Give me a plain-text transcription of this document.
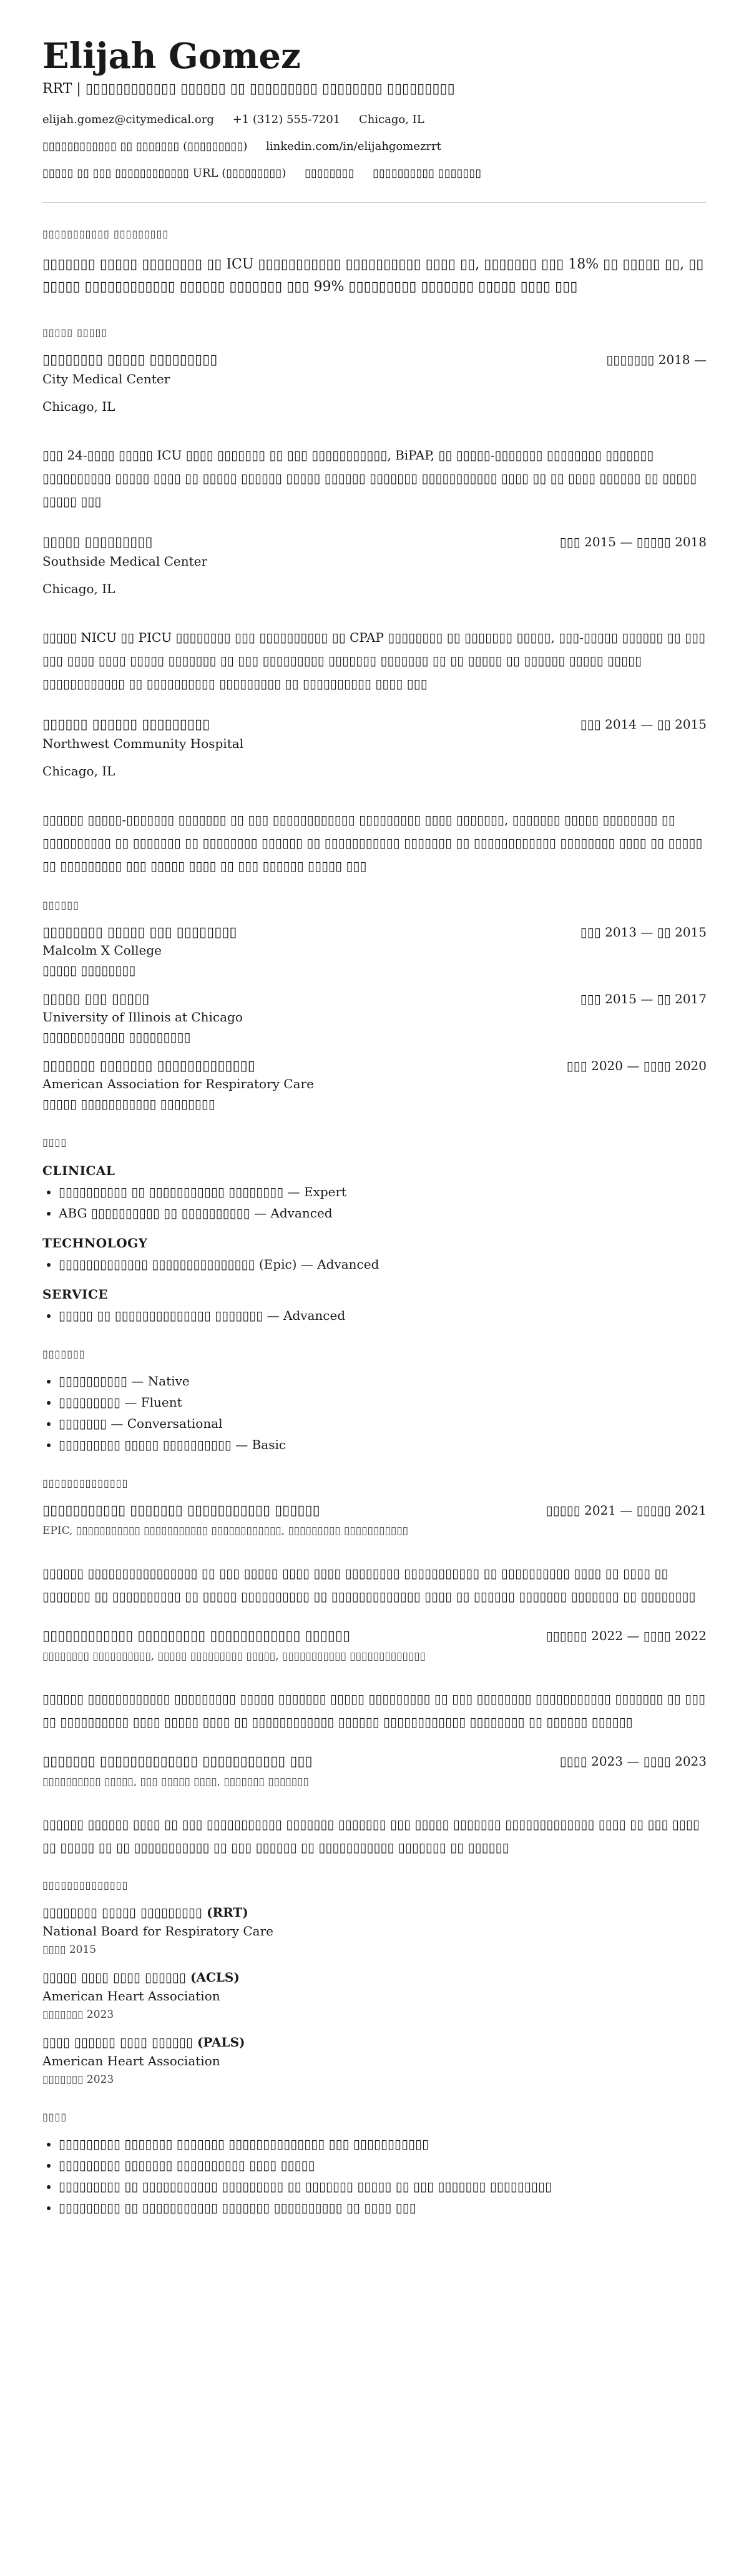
Elijah Gomez
RRT | ▯▯▯▯▯▯▯▯▯▯▯▯ ▯▯▯▯▯▯ ▯▯ ▯▯▯▯▯▯▯▯▯ ▯▯▯▯▯▯▯▯ ▯▯▯▯▯▯▯▯▯
elijah.gomez@citymedical.org +1 (312) 555-7201 Chicago, IL
▯▯▯▯▯▯▯▯▯▯▯▯ ▯▯ ▯▯▯▯▯▯▯ (▯▯▯▯▯▯▯▯▯) linkedin.com/in/elijahgomezrrt
▯▯▯▯▯ ▯▯ ▯▯▯ ▯▯▯▯▯▯▯▯▯▯▯▯ URL (▯▯▯▯▯▯▯▯▯) ▯▯▯▯▯▯▯▯ ▯▯▯▯▯▯▯▯▯▯ ▯▯▯▯▯▯▯
▯▯▯▯▯▯▯▯▯▯▯ ▯▯▯▯▯▯▯▯▯
▯▯▯▯▯▯▯ ▯▯▯▯▯ ▯▯▯▯▯▯▯▯ ▯▯ ICU ▯▯▯▯▯▯▯▯▯▯▯ ▯▯▯▯▯▯▯▯▯▯ ▯▯▯▯ ▯▯, ▯▯▯▯▯▯▯ ▯▯▯ 18% ▯▯ ▯▯▯▯▯ ▯▯, ▯▯ ▯▯▯▯▯ ▯▯▯▯▯▯▯▯▯▯▯▯ ▯▯▯▯▯▯ ▯▯▯▯▯▯▯ ▯▯▯ 99% ▯▯▯▯▯▯▯▯▯ ▯▯▯▯▯▯▯ ▯▯▯▯▯ ▯▯▯▯ ▯▯▯
▯▯▯▯▯ ▯▯▯▯▯
▯▯▯▯▯▯▯▯ ▯▯▯▯▯ ▯▯▯▯▯▯▯▯▯	▯▯▯▯▯▯▯ 2018 —
City Medical Center
Chicago, IL
▯▯▯ 24-▯▯▯▯ ▯▯▯▯▯ ICU ▯▯▯▯ ▯▯▯▯▯▯▯ ▯▯ ▯▯▯ ▯▯▯▯▯▯▯▯▯▯▯, BiPAP, ▯▯ ▯▯▯▯▯-▯▯▯▯▯▯▯ ▯▯▯▯▯▯▯▯ ▯▯▯▯▯▯▯ ▯▯▯▯▯▯▯▯▯▯ ▯▯▯▯▯ ▯▯▯▯ ▯▯ ▯▯▯▯▯ ▯▯▯▯▯▯ ▯▯▯▯▯ ▯▯▯▯▯▯ ▯▯▯▯▯▯▯ ▯▯▯▯▯▯▯▯▯▯▯ ▯▯▯▯ ▯▯ ▯▯ ▯▯▯▯ ▯▯▯▯▯▯ ▯▯ ▯▯▯▯▯ ▯▯▯▯▯ ▯▯▯
▯▯▯▯▯ ▯▯▯▯▯▯▯▯▯	▯▯▯ 2015 — ▯▯▯▯▯ 2018
Southside Medical Center
Chicago, IL
▯▯▯▯▯ NICU ▯▯ PICU ▯▯▯▯▯▯▯▯ ▯▯▯ ▯▯▯▯▯▯▯▯▯▯ ▯▯ CPAP ▯▯▯▯▯▯▯▯ ▯▯ ▯▯▯▯▯▯▯ ▯▯▯▯▯, ▯▯▯-▯▯▯▯▯ ▯▯▯▯▯▯ ▯▯ ▯▯▯ ▯▯▯ ▯▯▯▯ ▯▯▯▯ ▯▯▯▯▯ ▯▯▯▯▯▯▯ ▯▯ ▯▯▯ ▯▯▯▯▯▯▯▯▯ ▯▯▯▯▯▯▯ ▯▯▯▯▯▯▯ ▯▯ ▯▯ ▯▯▯▯▯ ▯▯ ▯▯▯▯▯▯ ▯▯▯▯▯ ▯▯▯▯▯ ▯▯▯▯▯▯▯▯▯▯▯▯ ▯▯ ▯▯▯▯▯▯▯▯▯▯ ▯▯▯▯▯▯▯▯▯ ▯▯ ▯▯▯▯▯▯▯▯▯▯ ▯▯▯▯ ▯▯▯
▯▯▯▯▯▯ ▯▯▯▯▯▯ ▯▯▯▯▯▯▯▯▯	▯▯▯ 2014 — ▯▯ 2015
Northwest Community Hospital
Chicago, IL
▯▯▯▯▯▯ ▯▯▯▯▯-▯▯▯▯▯▯▯ ▯▯▯▯▯▯▯ ▯▯ ▯▯▯ ▯▯▯▯▯▯▯▯▯▯▯▯ ▯▯▯▯▯▯▯▯▯ ▯▯▯▯ ▯▯▯▯▯▯▯, ▯▯▯▯▯▯▯ ▯▯▯▯▯ ▯▯▯▯▯▯▯▯ ▯▯ ▯▯▯▯▯▯▯▯▯▯ ▯▯ ▯▯▯▯▯▯▯ ▯▯ ▯▯▯▯▯▯▯▯ ▯▯▯▯▯▯ ▯▯ ▯▯▯▯▯▯▯▯▯▯▯ ▯▯▯▯▯▯▯ ▯▯ ▯▯▯▯▯▯▯▯▯▯▯▯ ▯▯▯▯▯▯▯▯ ▯▯▯▯ ▯▯ ▯▯▯▯▯ ▯▯ ▯▯▯▯▯▯▯▯▯ ▯▯▯ ▯▯▯▯▯ ▯▯▯▯ ▯▯ ▯▯▯ ▯▯▯▯▯▯ ▯▯▯▯▯ ▯▯▯
▯▯▯▯▯▯
▯▯▯▯▯▯▯▯ ▯▯▯▯▯ ▯▯▯ ▯▯▯▯▯▯▯▯	▯▯▯ 2013 — ▯▯ 2015
Malcolm X College
▯▯▯▯▯ ▯▯▯▯▯▯▯▯
▯▯▯▯▯ ▯▯▯ ▯▯▯▯▯	▯▯▯ 2015 — ▯▯ 2017
University of Illinois at Chicago
▯▯▯▯▯▯▯▯▯▯▯▯ ▯▯▯▯▯▯▯▯▯
▯▯▯▯▯▯▯ ▯▯▯▯▯▯▯ ▯▯▯▯▯▯▯▯▯▯▯▯▯	▯▯▯ 2020 — ▯▯▯▯ 2020
American Association for Respiratory Care
▯▯▯▯▯ ▯▯▯▯▯▯▯▯▯▯▯ ▯▯▯▯▯▯▯▯
▯▯▯▯
CLINICAL
• ▯▯▯▯▯▯▯▯▯▯ ▯▯ ▯▯▯▯▯▯▯▯▯▯▯ ▯▯▯▯▯▯▯▯ — Expert
• ABG ▯▯▯▯▯▯▯▯▯▯ ▯▯ ▯▯▯▯▯▯▯▯▯▯ — Advanced
TECHNOLOGY
• ▯▯▯▯▯▯▯▯▯▯▯▯▯ ▯▯▯▯▯▯▯▯▯▯▯▯▯▯▯ (Epic) — Advanced
SERVICE
• ▯▯▯▯▯ ▯▯ ▯▯▯▯▯▯▯▯▯▯▯▯▯▯ ▯▯▯▯▯▯▯ — Advanced
▯▯▯▯▯▯▯
• ▯▯▯▯▯▯▯▯▯▯ — Native
• ▯▯▯▯▯▯▯▯▯ — Fluent
• ▯▯▯▯▯▯▯ — Conversational
• ▯▯▯▯▯▯▯▯▯ ▯▯▯▯▯ ▯▯▯▯▯▯▯▯▯▯ — Basic
▯▯▯▯▯▯▯▯▯▯▯▯▯▯
▯▯▯▯▯▯▯▯▯▯▯ ▯▯▯▯▯▯▯ ▯▯▯▯▯▯▯▯▯▯▯ ▯▯▯▯▯▯	▯▯▯▯▯ 2021 — ▯▯▯▯▯ 2021
EPIC, ▯▯▯▯▯▯▯▯▯▯▯ ▯▯▯▯▯▯▯▯▯▯▯ ▯▯▯▯▯▯▯▯▯▯▯▯, ▯▯▯▯▯▯▯▯▯ ▯▯▯▯▯▯▯▯▯▯▯
▯▯▯▯▯▯ ▯▯▯▯▯▯▯▯▯▯▯▯▯▯▯▯ ▯▯ ▯▯▯ ▯▯▯▯▯ ▯▯▯▯ ▯▯▯▯ ▯▯▯▯▯▯▯▯ ▯▯▯▯▯▯▯▯▯▯▯ ▯▯ ▯▯▯▯▯▯▯▯▯▯ ▯▯▯▯ ▯▯ ▯▯▯▯ ▯▯ ▯▯▯▯▯▯▯ ▯▯ ▯▯▯▯▯▯▯▯▯▯ ▯▯ ▯▯▯▯▯ ▯▯▯▯▯▯▯▯▯▯ ▯▯ ▯▯▯▯▯▯▯▯▯▯▯▯▯ ▯▯▯▯ ▯▯ ▯▯▯▯▯▯ ▯▯▯▯▯▯▯ ▯▯▯▯▯▯▯ ▯▯ ▯▯▯▯▯▯▯▯
▯▯▯▯▯▯▯▯▯▯▯▯ ▯▯▯▯▯▯▯▯▯ ▯▯▯▯▯▯▯▯▯▯▯▯ ▯▯▯▯▯▯	▯▯▯▯▯▯ 2022 — ▯▯▯▯ 2022
▯▯▯▯▯▯▯▯ ▯▯▯▯▯▯▯▯▯▯, ▯▯▯▯▯ ▯▯▯▯▯▯▯▯▯ ▯▯▯▯▯, ▯▯▯▯▯▯▯▯▯▯▯ ▯▯▯▯▯▯▯▯▯▯▯▯▯
▯▯▯▯▯▯ ▯▯▯▯▯▯▯▯▯▯▯▯ ▯▯▯▯▯▯▯▯▯ ▯▯▯▯▯ ▯▯▯▯▯▯▯ ▯▯▯▯▯ ▯▯▯▯▯▯▯▯▯ ▯▯ ▯▯▯ ▯▯▯▯▯▯▯▯ ▯▯▯▯▯▯▯▯▯▯▯ ▯▯▯▯▯▯▯ ▯▯ ▯▯▯ ▯▯ ▯▯▯▯▯▯▯▯▯▯ ▯▯▯▯ ▯▯▯▯▯ ▯▯▯▯ ▯▯ ▯▯▯▯▯▯▯▯▯▯▯▯ ▯▯▯▯▯▯ ▯▯▯▯▯▯▯▯▯▯▯▯ ▯▯▯▯▯▯▯▯ ▯▯ ▯▯▯▯▯▯ ▯▯▯▯▯▯
▯▯▯▯▯▯▯ ▯▯▯▯▯▯▯▯▯▯▯▯▯ ▯▯▯▯▯▯▯▯▯▯▯ ▯▯▯	▯▯▯▯ 2023 — ▯▯▯▯ 2023
▯▯▯▯▯▯▯▯▯▯ ▯▯▯▯▯, ▯▯▯ ▯▯▯▯▯ ▯▯▯▯, ▯▯▯▯▯▯▯ ▯▯▯▯▯▯▯
▯▯▯▯▯▯ ▯▯▯▯▯▯ ▯▯▯▯ ▯▯ ▯▯▯ ▯▯▯▯▯▯▯▯▯▯▯ ▯▯▯▯▯▯▯ ▯▯▯▯▯▯▯ ▯▯▯ ▯▯▯▯▯ ▯▯▯▯▯▯▯ ▯▯▯▯▯▯▯▯▯▯▯▯▯ ▯▯▯▯ ▯▯ ▯▯▯ ▯▯▯▯ ▯▯ ▯▯▯▯▯ ▯▯ ▯▯ ▯▯▯▯▯▯▯▯▯▯▯ ▯▯ ▯▯▯ ▯▯▯▯▯▯ ▯▯ ▯▯▯▯▯▯▯▯▯▯▯ ▯▯▯▯▯▯▯ ▯▯ ▯▯▯▯▯▯
▯▯▯▯▯▯▯▯▯▯▯▯▯▯
▯▯▯▯▯▯▯▯ ▯▯▯▯▯ ▯▯▯▯▯▯▯▯▯ (RRT)
National Board for Respiratory Care
▯▯▯▯ 2015
▯▯▯▯▯ ▯▯▯▯ ▯▯▯▯ ▯▯▯▯▯▯ (ACLS)
American Heart Association
▯▯▯▯▯▯▯ 2023
▯▯▯▯ ▯▯▯▯▯▯ ▯▯▯▯ ▯▯▯▯▯▯ (PALS)
American Heart Association
▯▯▯▯▯▯▯ 2023
▯▯▯▯
• ▯▯▯▯▯▯▯▯▯ ▯▯▯▯▯▯▯ ▯▯▯▯▯▯▯ ▯▯▯▯▯▯▯▯▯▯▯▯▯▯ ▯▯▯ ▯▯▯▯▯▯▯▯▯▯▯
• ▯▯▯▯▯▯▯▯▯ ▯▯▯▯▯▯▯ ▯▯▯▯▯▯▯▯▯▯ ▯▯▯▯ ▯▯▯▯▯
• ▯▯▯▯▯▯▯▯▯ ▯▯ ▯▯▯▯▯▯▯▯▯▯▯ ▯▯▯▯▯▯▯▯▯ ▯▯ ▯▯▯▯▯▯▯ ▯▯▯▯▯ ▯▯ ▯▯▯ ▯▯▯▯▯▯▯ ▯▯▯▯▯▯▯▯▯
• ▯▯▯▯▯▯▯▯▯ ▯▯ ▯▯▯▯▯▯▯▯▯▯▯ ▯▯▯▯▯▯▯ ▯▯▯▯▯▯▯▯▯▯ ▯▯ ▯▯▯▯ ▯▯▯
